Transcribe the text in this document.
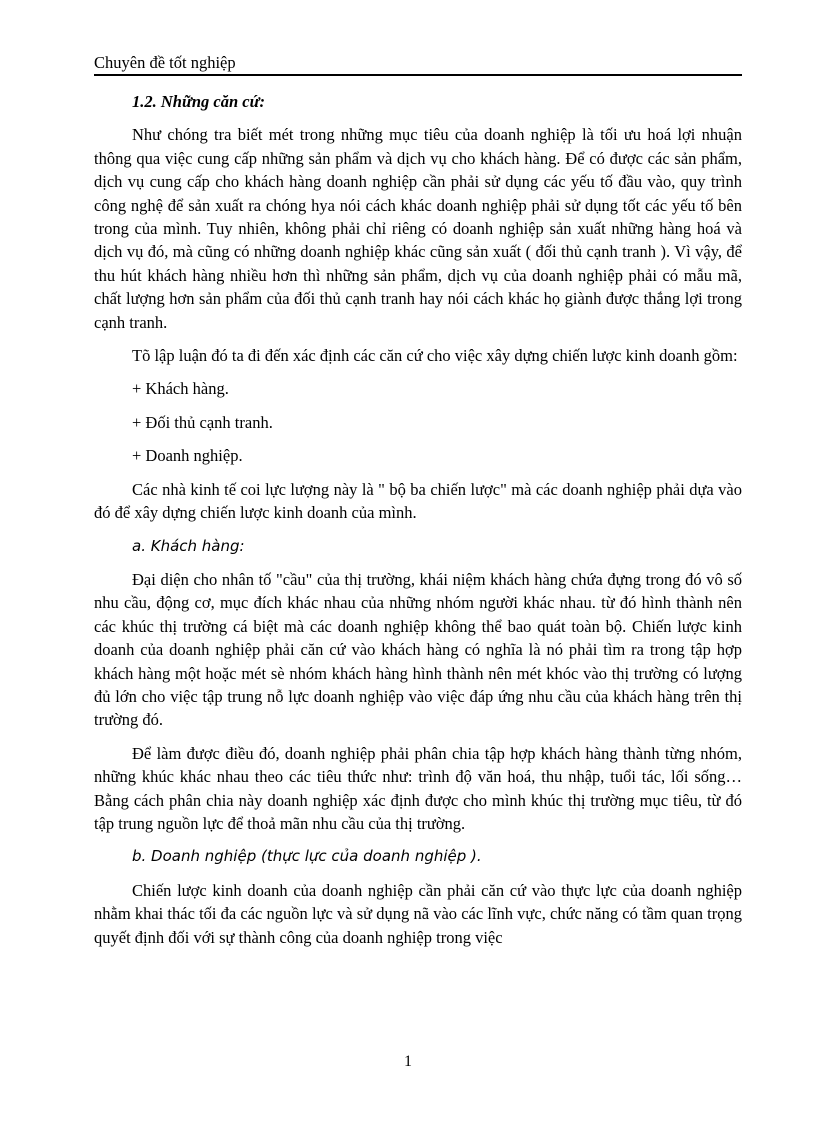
Chuyên đề tốt nghiệp

1.2. Những căn cứ:

Như chóng tra biết mét trong những mục tiêu của doanh nghiệp là tối ưu hoá lợi nhuận thông qua việc cung cấp những sản phẩm và dịch vụ cho khách hàng. Để có được các sản phẩm, dịch vụ cung cấp cho khách hàng doanh nghiệp cần phải sử dụng các yếu tố đầu vào, quy trình công nghệ để sản xuất ra chóng hya nói cách khác doanh nghiệp phải sử dụng tốt các yếu tố bên trong của mình. Tuy nhiên, không phải chỉ riêng có doanh nghiệp sản xuất những hàng hoá và dịch vụ đó, mà cũng có những doanh nghiệp khác cũng sản xuất ( đối thủ cạnh tranh ). Vì vậy, để thu hút khách hàng nhiều hơn thì những sản phẩm, dịch vụ của doanh nghiệp phải có mẫu mã, chất lượng hơn sản phẩm của đối thủ cạnh tranh hay nói cách khác họ giành được thắng lợi trong cạnh tranh.

Tõ lập luận đó ta đi đến xác định các căn cứ cho việc xây dựng chiến lược kinh doanh gồm:

+ Khách hàng.

+ Đối thủ cạnh tranh.

+ Doanh nghiệp.

Các nhà kinh tế coi lực lượng này là " bộ ba chiến lược" mà các doanh nghiệp phải dựa vào đó để xây dựng chiến lược kinh doanh của mình.

a. Khách hàng:

Đại diện cho nhân tố "cầu" của thị trường, khái niệm khách hàng chứa đựng trong đó vô số nhu cầu, động cơ, mục đích khác nhau của những nhóm người khác nhau. từ đó hình thành nên các khúc thị trường cá biệt mà các doanh nghiệp không thể bao quát toàn bộ. Chiến lược kinh doanh của doanh nghiệp phải căn cứ vào khách hàng có nghĩa là nó phải tìm ra trong tập hợp khách hàng một hoặc mét sè nhóm khách hàng hình thành nên mét khóc vào thị trường có lượng đủ lớn cho việc tập trung nỗ lực doanh nghiệp vào việc đáp ứng nhu cầu của khách hàng trên thị trường đó.

Để làm được điều đó, doanh nghiệp phải phân chia tập hợp khách hàng thành từng nhóm, những khúc khác nhau theo các tiêu thức như: trình độ văn hoá, thu nhập, tuổi tác, lối sống… Bằng cách phân chia này doanh nghiệp xác định được cho mình khúc thị trường mục tiêu, từ đó tập trung nguồn lực để thoả mãn nhu cầu của thị trường.

b. Doanh nghiệp (thực lực của doanh nghiệp ).

Chiến lược kinh doanh của doanh nghiệp cần phải căn cứ vào thực lực của doanh nghiệp nhằm khai thác tối đa các nguồn lực và sử dụng nã vào các lĩnh vực, chức năng có tầm quan trọng quyết định đối với sự thành công của doanh nghiệp trong việc

1
